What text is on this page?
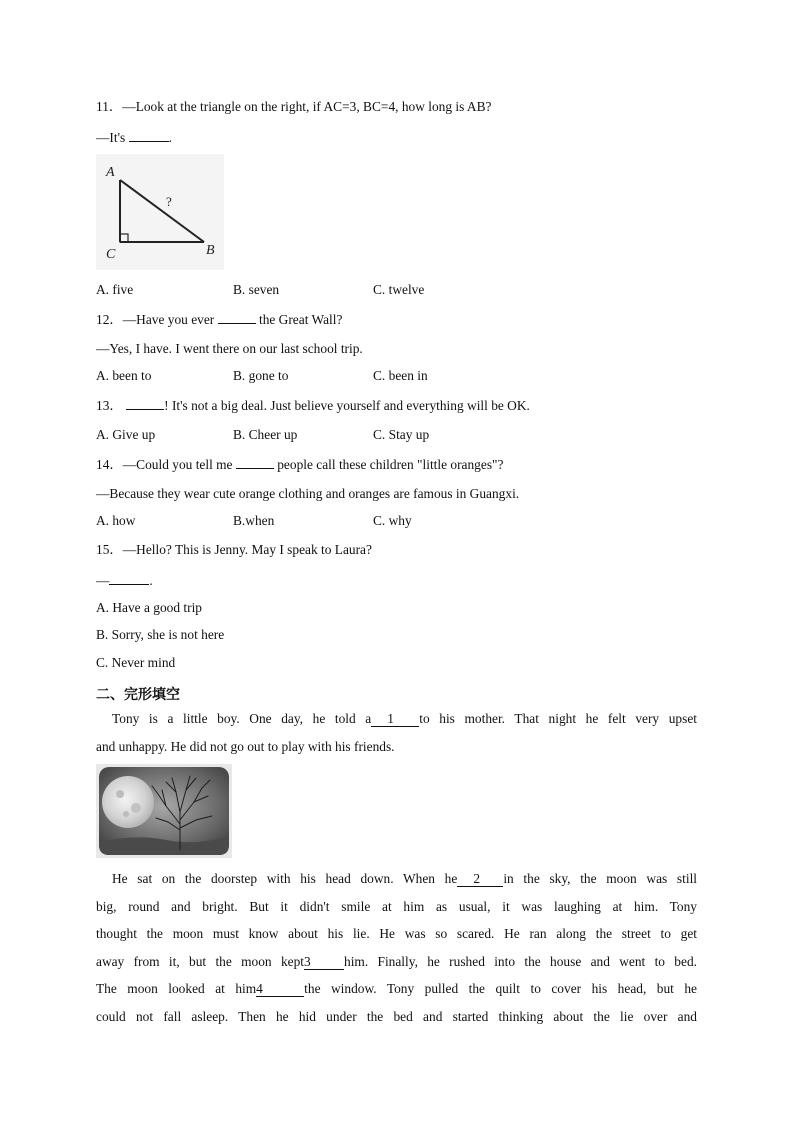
11．—Look at the triangle on the right, if AC=3, BC=4, how long is AB?
—It's	.
A
B
C
?
A. five	B. seven	C. twelve
12．—Have you ever	the Great Wall?
—Yes, I have. I went there on our last school trip.
A. been to	B. gone to	C. been in
13．	! It's not a big deal. Just believe yourself and everything will be OK.
A. Give up	B. Cheer up	C. Stay up
14．—Could you tell me	people call these children "little oranges"?
—Because they wear cute orange clothing and oranges are famous in Guangxi.
A. how	B.when	C. why
15．—Hello? This is Jenny. May I speak to Laura?
—	.
A. Have a good trip
B. Sorry, she is not here
C. Never mind
二、完形填空
Tony is a little boy. One day, he told a 1 to his mother. That night he felt very upset
and unhappy. He did not go out to play with his friends.
He sat on the doorstep with his head down. When he 2 in the sky, the moon was still
big, round and bright. But it didn't smile at him as usual, it was laughing at him. Tony
thought the moon must know about his lie. He was so scared. He ran along the street to get
away from it, but the moon kept3 him. Finally, he rushed into the house and went to bed.
The moon looked at him4	the window. Tony pulled the quilt to cover his head, but he
could not fall asleep. Then he hid under the bed and started thinking about the lie over and
